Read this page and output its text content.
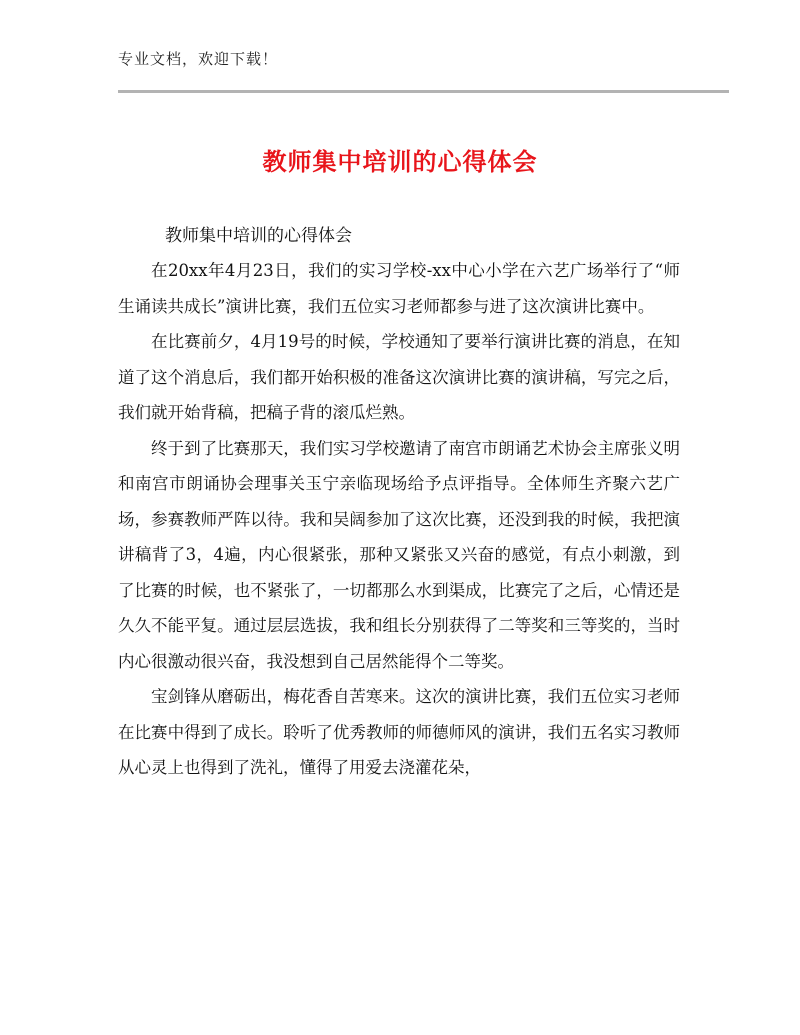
专业文档，欢迎下载！
教师集中培训的心得体会
教师集中培训的心得体会

在20xx年4月23日，我们的实习学校-xx中心小学在六艺广场举行了“师生诵读共成长”演讲比赛，我们五位实习老师都参与进了这次演讲比赛中。

在比赛前夕，4月19号的时候，学校通知了要举行演讲比赛的消息，在知道了这个消息后，我们都开始积极的准备这次演讲比赛的演讲稿，写完之后，我们就开始背稿，把稿子背的滚瓜烂熟。

终于到了比赛那天，我们实习学校邀请了南宫市朗诵艺术协会主席张义明和南宫市朗诵协会理事关玉宁亲临现场给予点评指导。全体师生齐聚六艺广场，参赛教师严阵以待。我和吴阔参加了这次比赛，还没到我的时候，我把演讲稿背了3，4遍，内心很紧张，那种又紧张又兴奋的感觉，有点小刺激，到了比赛的时候，也不紧张了，一切都那么水到渠成，比赛完了之后，心情还是久久不能平复。通过层层选拔，我和组长分别获得了二等奖和三等奖的，当时内心很激动很兴奋，我没想到自己居然能得个二等奖。

宝剑锋从磨砺出，梅花香自苦寒来。这次的演讲比赛，我们五位实习老师在比赛中得到了成长。聆听了优秀教师的师德师风的演讲，我们五名实习教师从心灵上也得到了洗礼，懂得了用爱去浇灌花朵，
